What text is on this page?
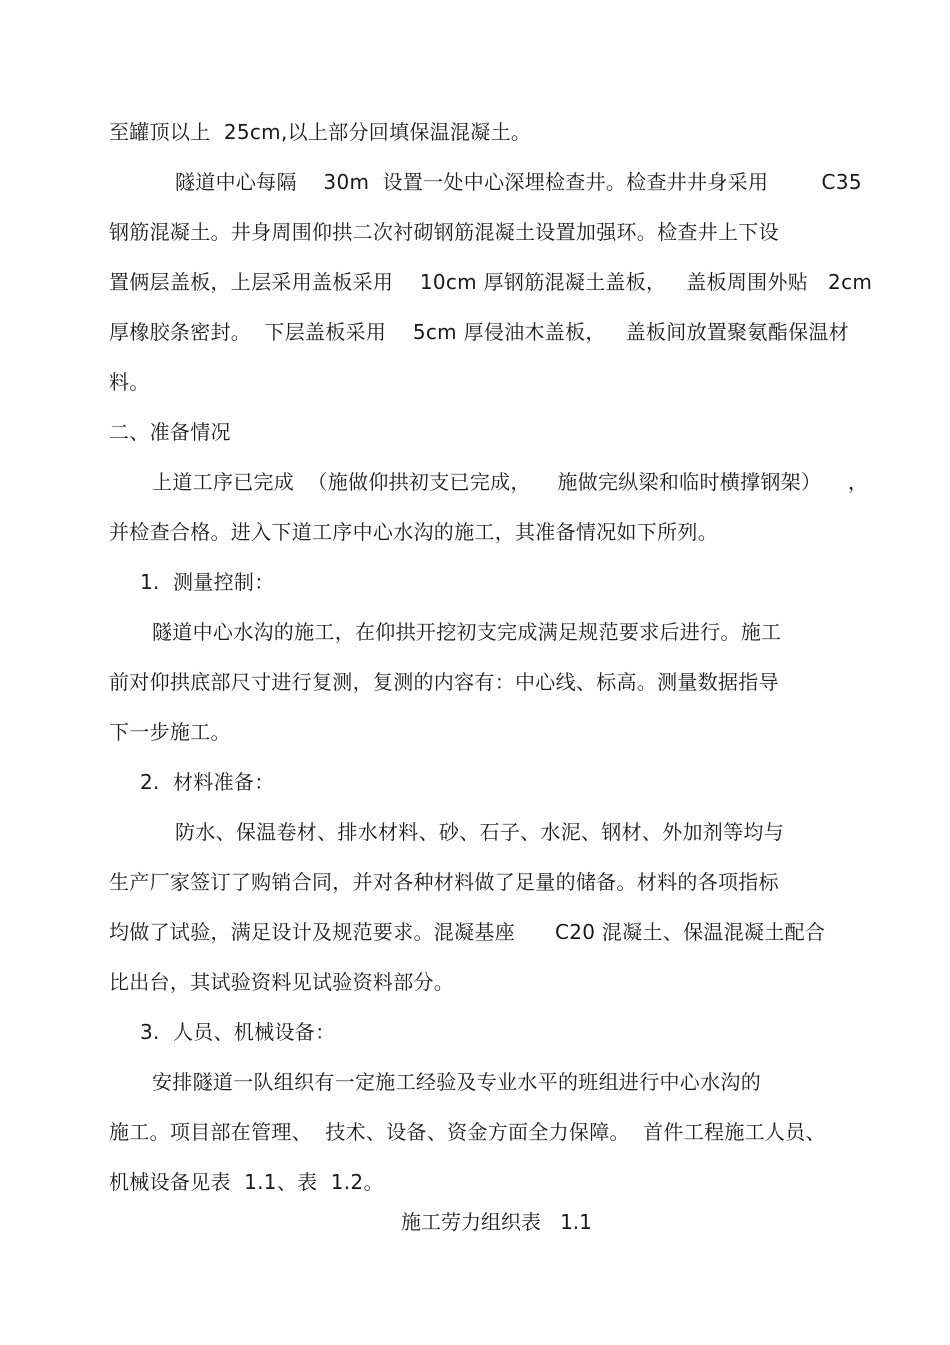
至罐顶以上  25cm,以上部分回填保温混凝土。
隧道中心每隔    30m  设置一处中心深埋检查井。检查井井身采用        C35
钢筋混凝土。井身周围仰拱二次衬砌钢筋混凝土设置加强环。检查井上下设
置俩层盖板，上层采用盖板采用    10cm 厚钢筋混凝土盖板，   盖板周围外贴   2cm
厚橡胶条密封。  下层盖板采用    5cm 厚侵油木盖板，   盖板间放置聚氨酯保温材
料。
二、准备情况
上道工序已完成  （施做仰拱初支已完成，    施做完纵梁和临时横撑钢架）    ，
并检查合格。进入下道工序中心水沟的施工，其准备情况如下所列。
1.  测量控制：
隧道中心水沟的施工，在仰拱开挖初支完成满足规范要求后进行。施工
前对仰拱底部尺寸进行复测，复测的内容有：中心线、标高。测量数据指导
下一步施工。
2.  材料准备：
防水、保温卷材、排水材料、砂、石子、水泥、钢材、外加剂等均与
生产厂家签订了购销合同，并对各种材料做了足量的储备。材料的各项指标
均做了试验，满足设计及规范要求。混凝基座      C20 混凝土、保温混凝土配合
比出台，其试验资料见试验资料部分。
3.  人员、机械设备：
安排隧道一队组织有一定施工经验及专业水平的班组进行中心水沟的
施工。项目部在管理、  技术、设备、资金方面全力保障。  首件工程施工人员、
机械设备见表  1.1、表  1.2。
施工劳力组织表   1.1
